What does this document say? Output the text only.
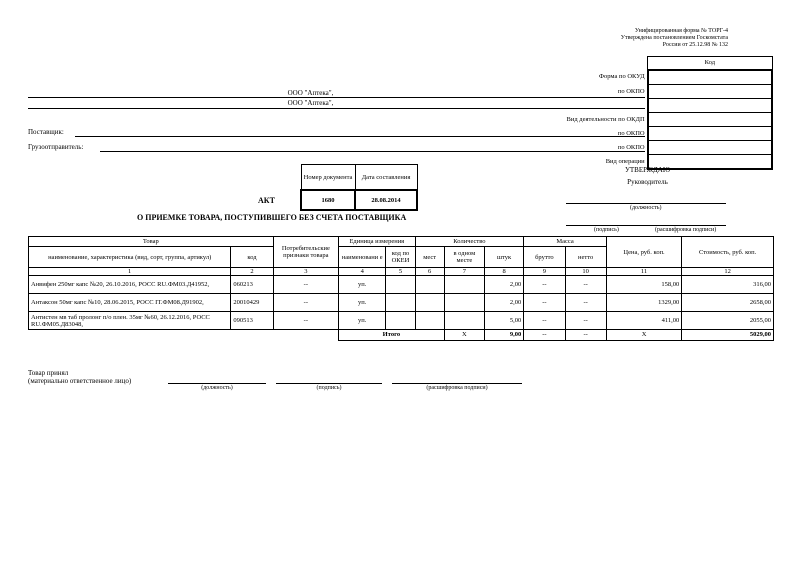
Унифицированная форма № ТОРГ-4
Утверждена постановлением Госкомстата
России от 25.12.98 № 132
	Код
Форма по ОКУД	
по ОКПО	

Вид деятельности по ОКДП	
по ОКПО	
по ОКПО	
Вид операции	
ООО "Аптека",
ООО "Аптека",
Поставщик:
Грузоотправитель:
Номер документа	Дата составления
1680	28.08.2014
АКТ
О ПРИЕМКЕ ТОВАРА, ПОСТУПИВШЕГО БЕЗ СЧЕТА ПОСТАВЩИКА
УТВЕРЖДАЮ
Руководитель
(должность)
(подпись)	(расшифровка подписи)
Товар		Потребительские признаки товара	Единица измерения		Количество			Масса		Цена, руб. коп.	Стоимость, руб. коп.
наименование, характеристика (вид, сорт, группа, артикул)	код		наименовани е	код по ОКЕИ	мест	в одном месте	штук	брутто	нетто		
1	2	3	4	5	6	7	8	9	10	11	12
Анвифен 250мг капс №20, 26.10.2016, РОСС RU.ФМ03.Д41952,	060213	--	уп.				2,00	--	--	158,00	316,00
Антаксон 50мг капс №10, 28.06.2015, РОСС IT.ФМ08.Д91902,	20010429	--	уп.				2,00	--	--	1329,00	2658,00
Антистен мв таб пролонг п/о плен. 35мг №60, 26.12.2016, РОСС RU.ФМ05.Д83048,	090513	--	уп.				5,00	--	--	411,00	2055,00
			Итого			X	9,00	--	--	X	5029,00
Товар принял
(материально ответственное лицо)
(должность)	(подпись)	(расшифровка подписи)
